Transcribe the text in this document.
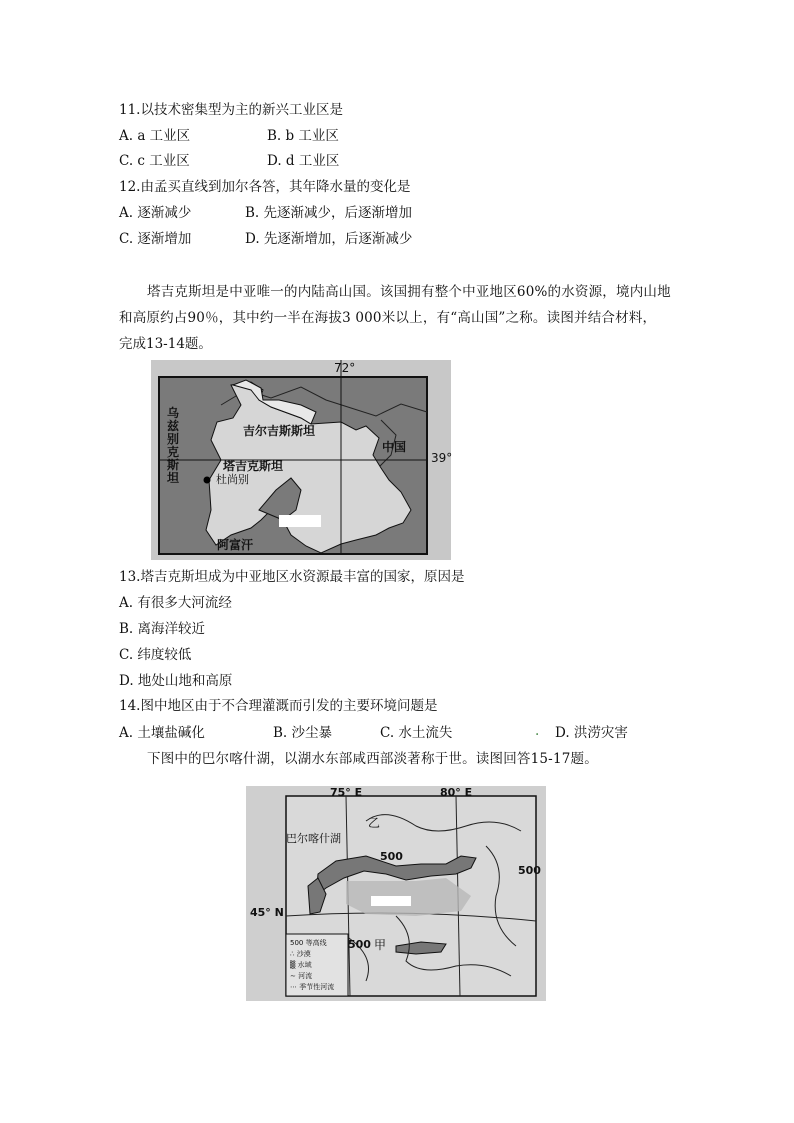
11.以技术密集型为主的新兴工业区是
A. a 工业区	B. b 工业区
C. c 工业区	D. d 工业区
12.由孟买直线到加尔各答，其年降水量的变化是
A. 逐渐减少	B. 先逐渐减少，后逐渐增加
C. 逐渐增加	D. 先逐渐增加，后逐渐减少
塔吉克斯坦是中亚唯一的内陆高山国。该国拥有整个中亚地区60%的水资源，境内山地
和高原约占90％，其中约一半在海拔3 000米以上，有“高山国”之称。读图并结合材料，
完成13-14题。
72°
39°
乌
兹
别
克
斯
坦
吉尔吉斯斯坦
中国
塔吉克斯坦
杜尚别
阿富汗
13.塔吉克斯坦成为中亚地区水资源最丰富的国家，原因是
A. 有很多大河流经
B. 离海洋较近
C. 纬度较低
D. 地处山地和高原
14.图中地区由于不合理灌溉而引发的主要环境问题是
A. 土壤盐碱化	B. 沙尘暴	C. 水土流失	. D. 洪涝灾害
下图中的巴尔喀什湖，以湖水东部咸西部淡著称于世。读图回答15-17题。
75° E	80° E
巴尔喀什湖
乙
500
500
500 甲
45° N
500 等高线
∴ 沙漠
▒ 水域
∼ 河流
⋯ 季节性河流
